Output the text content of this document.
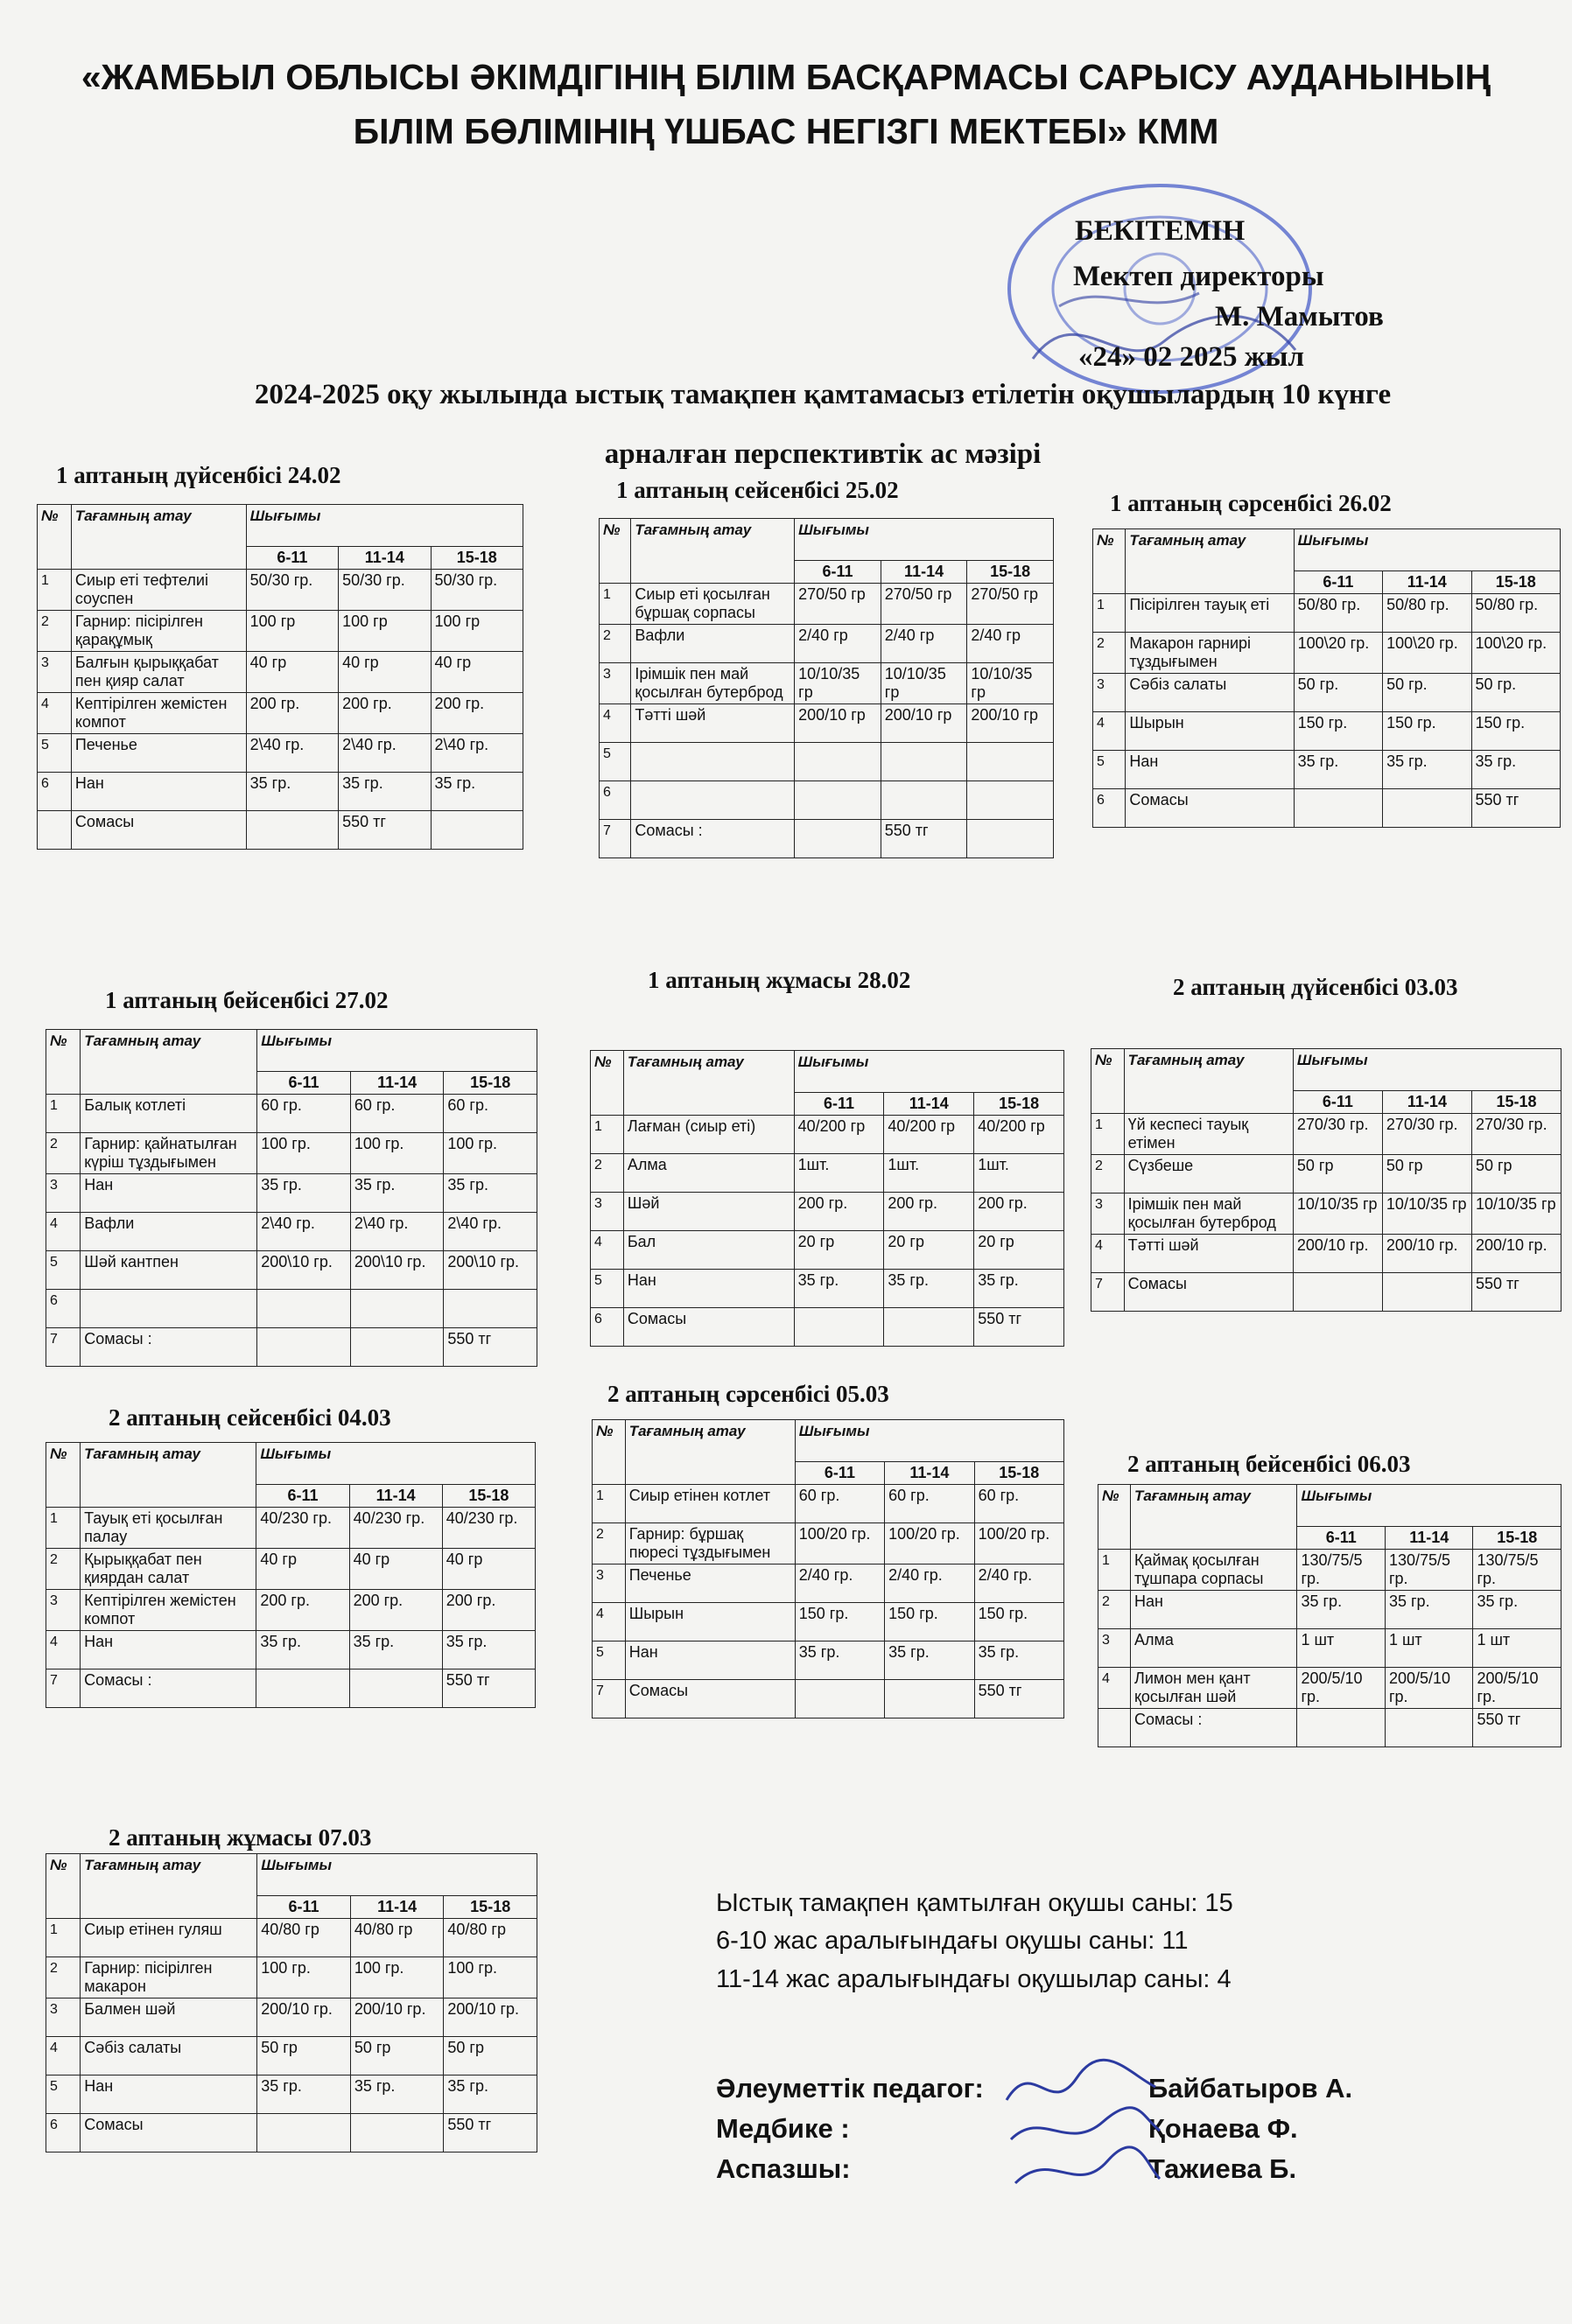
«ЖАМБЫЛ ОБЛЫСЫ ӘКІМДІГІНІҢ БІЛІМ БАСҚАРМАСЫ САРЫСУ АУДАНЫНЫҢ
БІЛІМ БӨЛІМІНІҢ ҮШБАС НЕГІЗГІ МЕКТЕБІ» КММ
БЕКІТЕМІН
Мектеп директоры
М. Мамытов
«24» 02 2025 жыл
2024-2025 оқу жылында ыстық тамақпен қамтамасыз етілетін оқушылардың 10 күнге
арналған перспективтік ас мәзірі
1 аптаның дүйсенбісі 24.02
1 аптаның сейсенбісі 25.02	1 аптаның сәрсенбісі 26.02
1 аптаның бейсенбісі 27.02
1 аптаның жұмасы 28.02	2 аптаның дүйсенбісі 03.03
2 аптаның сейсенбісі 04.03
2 аптаның сәрсенбісі 05.03
2 аптаның бейсенбісі 06.03
2 аптаның жұмасы 07.03
№	Тағамның атау	Шығымы		
		6-11	11-14	15-18
1	Сиыр еті тефтелиі соуспен	50/30 гр.	50/30 гр.	50/30 гр.
2	Гарнир: пісірілген қарақұмық	100 гр	100 гр	100 гр
3	Балғын қырыққабат пен қияр салат	40 гр	40 гр	40 гр
4	Кептірілген жемістен компот	200 гр.	200 гр.	200 гр.
5	Печенье	2\40 гр.	2\40 гр.	2\40 гр.
6	Нан	35 гр.	35 гр.	35 гр.
	Сомасы		550 тг	
№	Тағамның атау	Шығымы		
		6-11	11-14	15-18
1	Сиыр еті қосылған бұршақ сорпасы	270/50 гр	270/50 гр	270/50 гр
2	Вафли	2/40 гр	2/40 гр	2/40 гр
3	Ірімшік пен май қосылған бутерброд	10/10/35 гр	10/10/35 гр	10/10/35 гр
4	Тәтті шәй	200/10 гр	200/10 гр	200/10 гр
5				
6				
7	Сомасы :		550 тг	
№	Тағамның атау	Шығымы		
		6-11	11-14	15-18
1	Пісірілген тауық еті	50/80 гр.	50/80 гр.	50/80 гр.
2	Макарон гарнирі тұздығымен	100\20 гр.	100\20 гр.	100\20 гр.
3	Сәбіз салаты	50 гр.	50 гр.	50 гр.
4	Шырын	150 гр.	150 гр.	150 гр.
5	Нан	35 гр.	35 гр.	35 гр.
6	Сомасы			550 тг
№	Тағамның атау	Шығымы		
		6-11	11-14	15-18
1	Балық котлеті	60 гр.	60 гр.	60 гр.
2	Гарнир: қайнатылған күріш тұздығымен	100 гр.	100 гр.	100 гр.
3	Нан	35 гр.	35 гр.	35 гр.
4	Вафли	2\40 гр.	2\40 гр.	2\40 гр.
5	Шәй кантпен	200\10 гр.	200\10 гр.	200\10 гр.
6				
7	Сомасы :			550 тг
№	Тағамның атау	Шығымы		
		6-11	11-14	15-18
1	Лағман (сиыр еті)	40/200 гр	40/200 гр	40/200 гр
2	Алма	1шт.	1шт.	1шт.
3	Шәй	200 гр.	200 гр.	200 гр.
4	Бал	20 гр	20 гр	20 гр
5	Нан	35 гр.	35 гр.	35 гр.
6	Сомасы			550 тг
№	Тағамның атау	Шығымы		
		6-11	11-14	15-18
1	Үй кеспесі тауық етімен	270/30 гр.	270/30 гр.	270/30 гр.
2	Сүзбеше	50 гр	50 гр	50 гр
3	Ірімшік пен май қосылған бутерброд	10/10/35 гр	10/10/35 гр	10/10/35 гр
4	Тәтті шәй	200/10 гр.	200/10 гр.	200/10 гр.
7	Сомасы			550 тг
№	Тағамның атау	Шығымы		
		6-11	11-14	15-18
1	Тауық еті қосылған палау	40/230 гр.	40/230 гр.	40/230 гр.
2	Қырыққабат пен қиярдан салат	40 гр	40 гр	40 гр
3	Кептірілген жемістен компот	200 гр.	200 гр.	200 гр.
4	Нан	35 гр.	35 гр.	35 гр.
7	Сомасы :			550 тг
№	Тағамның атау	Шығымы		
		6-11	11-14	15-18
1	Сиыр етінен котлет	60 гр.	60 гр.	60 гр.
2	Гарнир: бұршақ пюресі тұздығымен	100/20 гр.	100/20 гр.	100/20 гр.
3	Печенье	2/40 гр.	2/40 гр.	2/40 гр.
4	Шырын	150 гр.	150 гр.	150 гр.
5	Нан	35 гр.	35 гр.	35 гр.
7	Сомасы			550 тг
№	Тағамның атау	Шығымы		
		6-11	11-14	15-18
1	Қаймақ қосылған тұшпара сорпасы	130/75/5 гр.	130/75/5 гр.	130/75/5 гр.
2	Нан	35 гр.	35 гр.	35 гр.
3	Алма	1 шт	1 шт	1 шт
4	Лимон мен қант қосылған шәй	200/5/10 гр.	200/5/10 гр.	200/5/10 гр.
	Сомасы :			550 тг
№	Тағамның атау	Шығымы		
		6-11	11-14	15-18
1	Сиыр етінен гуляш	40/80 гр	40/80 гр	40/80 гр
2	Гарнир: пісірілген макарон	100 гр.	100 гр.	100 гр.
3	Балмен шәй	200/10 гр.	200/10 гр.	200/10 гр.
4	Сәбіз салаты	50 гр	50 гр	50 гр
5	Нан	35 гр.	35 гр.	35 гр.
6	Сомасы			550 тг
Ыстық тамақпен қамтылған оқушы саны: 15
6-10 жас аралығындағы оқушы саны: 11
11-14 жас аралығындағы оқушылар саны: 4
Әлеуметтік педагог:	Байбатыров А.
Медбике :	Қонаева Ф.
Аспазшы:	Тажиева Б.
